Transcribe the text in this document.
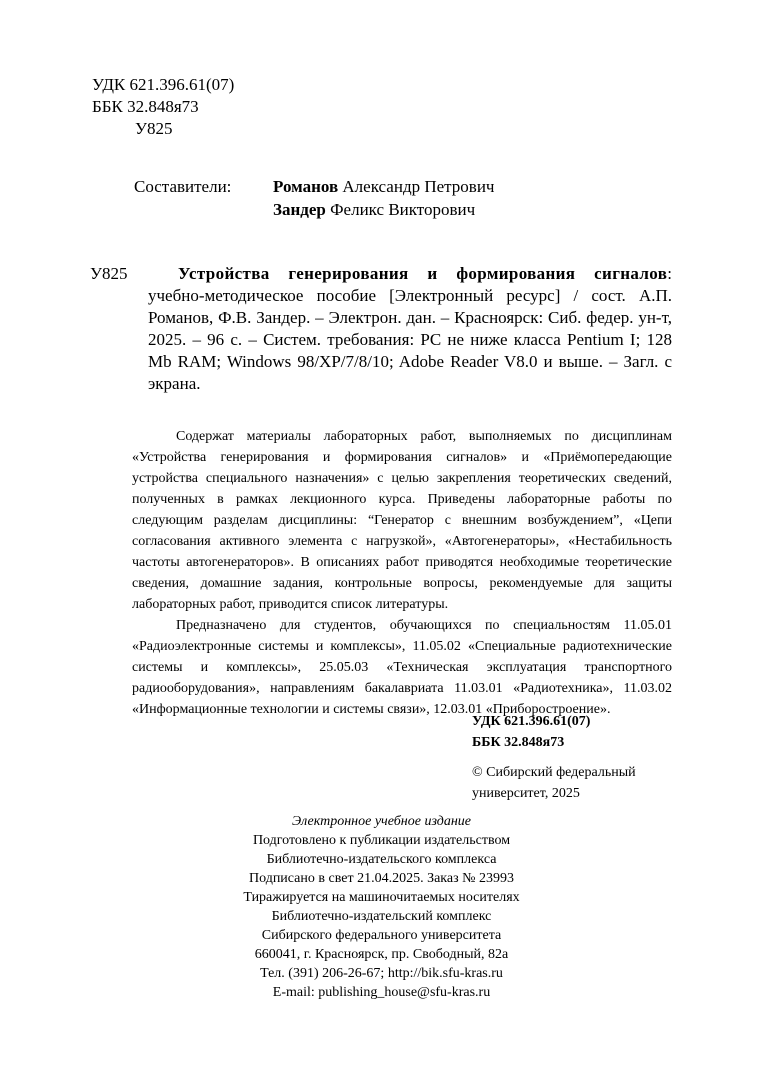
УДК 621.396.61(07)
ББК 32.848я73
У825
Составители:	Романов Александр Петрович
Зандер Феликс Викторович
У825	Устройства генерирования и формирования сигналов: учебно-методическое пособие [Электронный ресурс] / сост. А.П. Романов, Ф.В. Зандер. – Электрон. дан. – Красноярск: Сиб. федер. ун-т, 2025. – 96 с. – Систем. требования: PC не ниже класса Pentium I; 128 Mb RAM; Windows 98/XP/7/8/10; Adobe Reader V8.0 и выше. – Загл. с экрана.

Содержат материалы лабораторных работ, выполняемых по дисциплинам «Устройства генерирования и формирования сигналов» и «Приёмопередающие устройства специального назначения» с целью закрепления теоретических сведений, полученных в рамках лекционного курса. Приведены лабораторные работы по следующим разделам дисциплины: “Генератор с внешним возбуждением”, «Цепи согласования активного элемента с нагрузкой», «Автогенераторы», «Нестабильность частоты автогенераторов». В описаниях работ приводятся необходимые теоретические сведения, домашние задания, контрольные вопросы, рекомендуемые для защиты лабораторных работ, приводится список литературы.

Предназначено для студентов, обучающихся по специальностям 11.05.01 «Радиоэлектронные системы и комплексы», 11.05.02 «Специальные радиотехнические системы и комплексы», 25.05.03 «Техническая эксплуатация транспортного радиооборудования», направлениям бакалавриата 11.03.01 «Радиотехника», 11.03.02 «Информационные технологии и системы связи», 12.03.01 «Приборостроение».

УДК 621.396.61(07)
ББК 32.848я73
© Сибирский федеральный
университет, 2025
Электронное учебное издание
Подготовлено к публикации издательством
Библиотечно-издательского комплекса
Подписано в свет 21.04.2025. Заказ № 23993
Тиражируется на машиночитаемых носителях
Библиотечно-издательский комплекс
Сибирского федерального университета
660041, г. Красноярск, пр. Свободный, 82а
Тел. (391) 206-26-67; http://bik.sfu-kras.ru
E-mail: publishing_house@sfu-kras.ru
